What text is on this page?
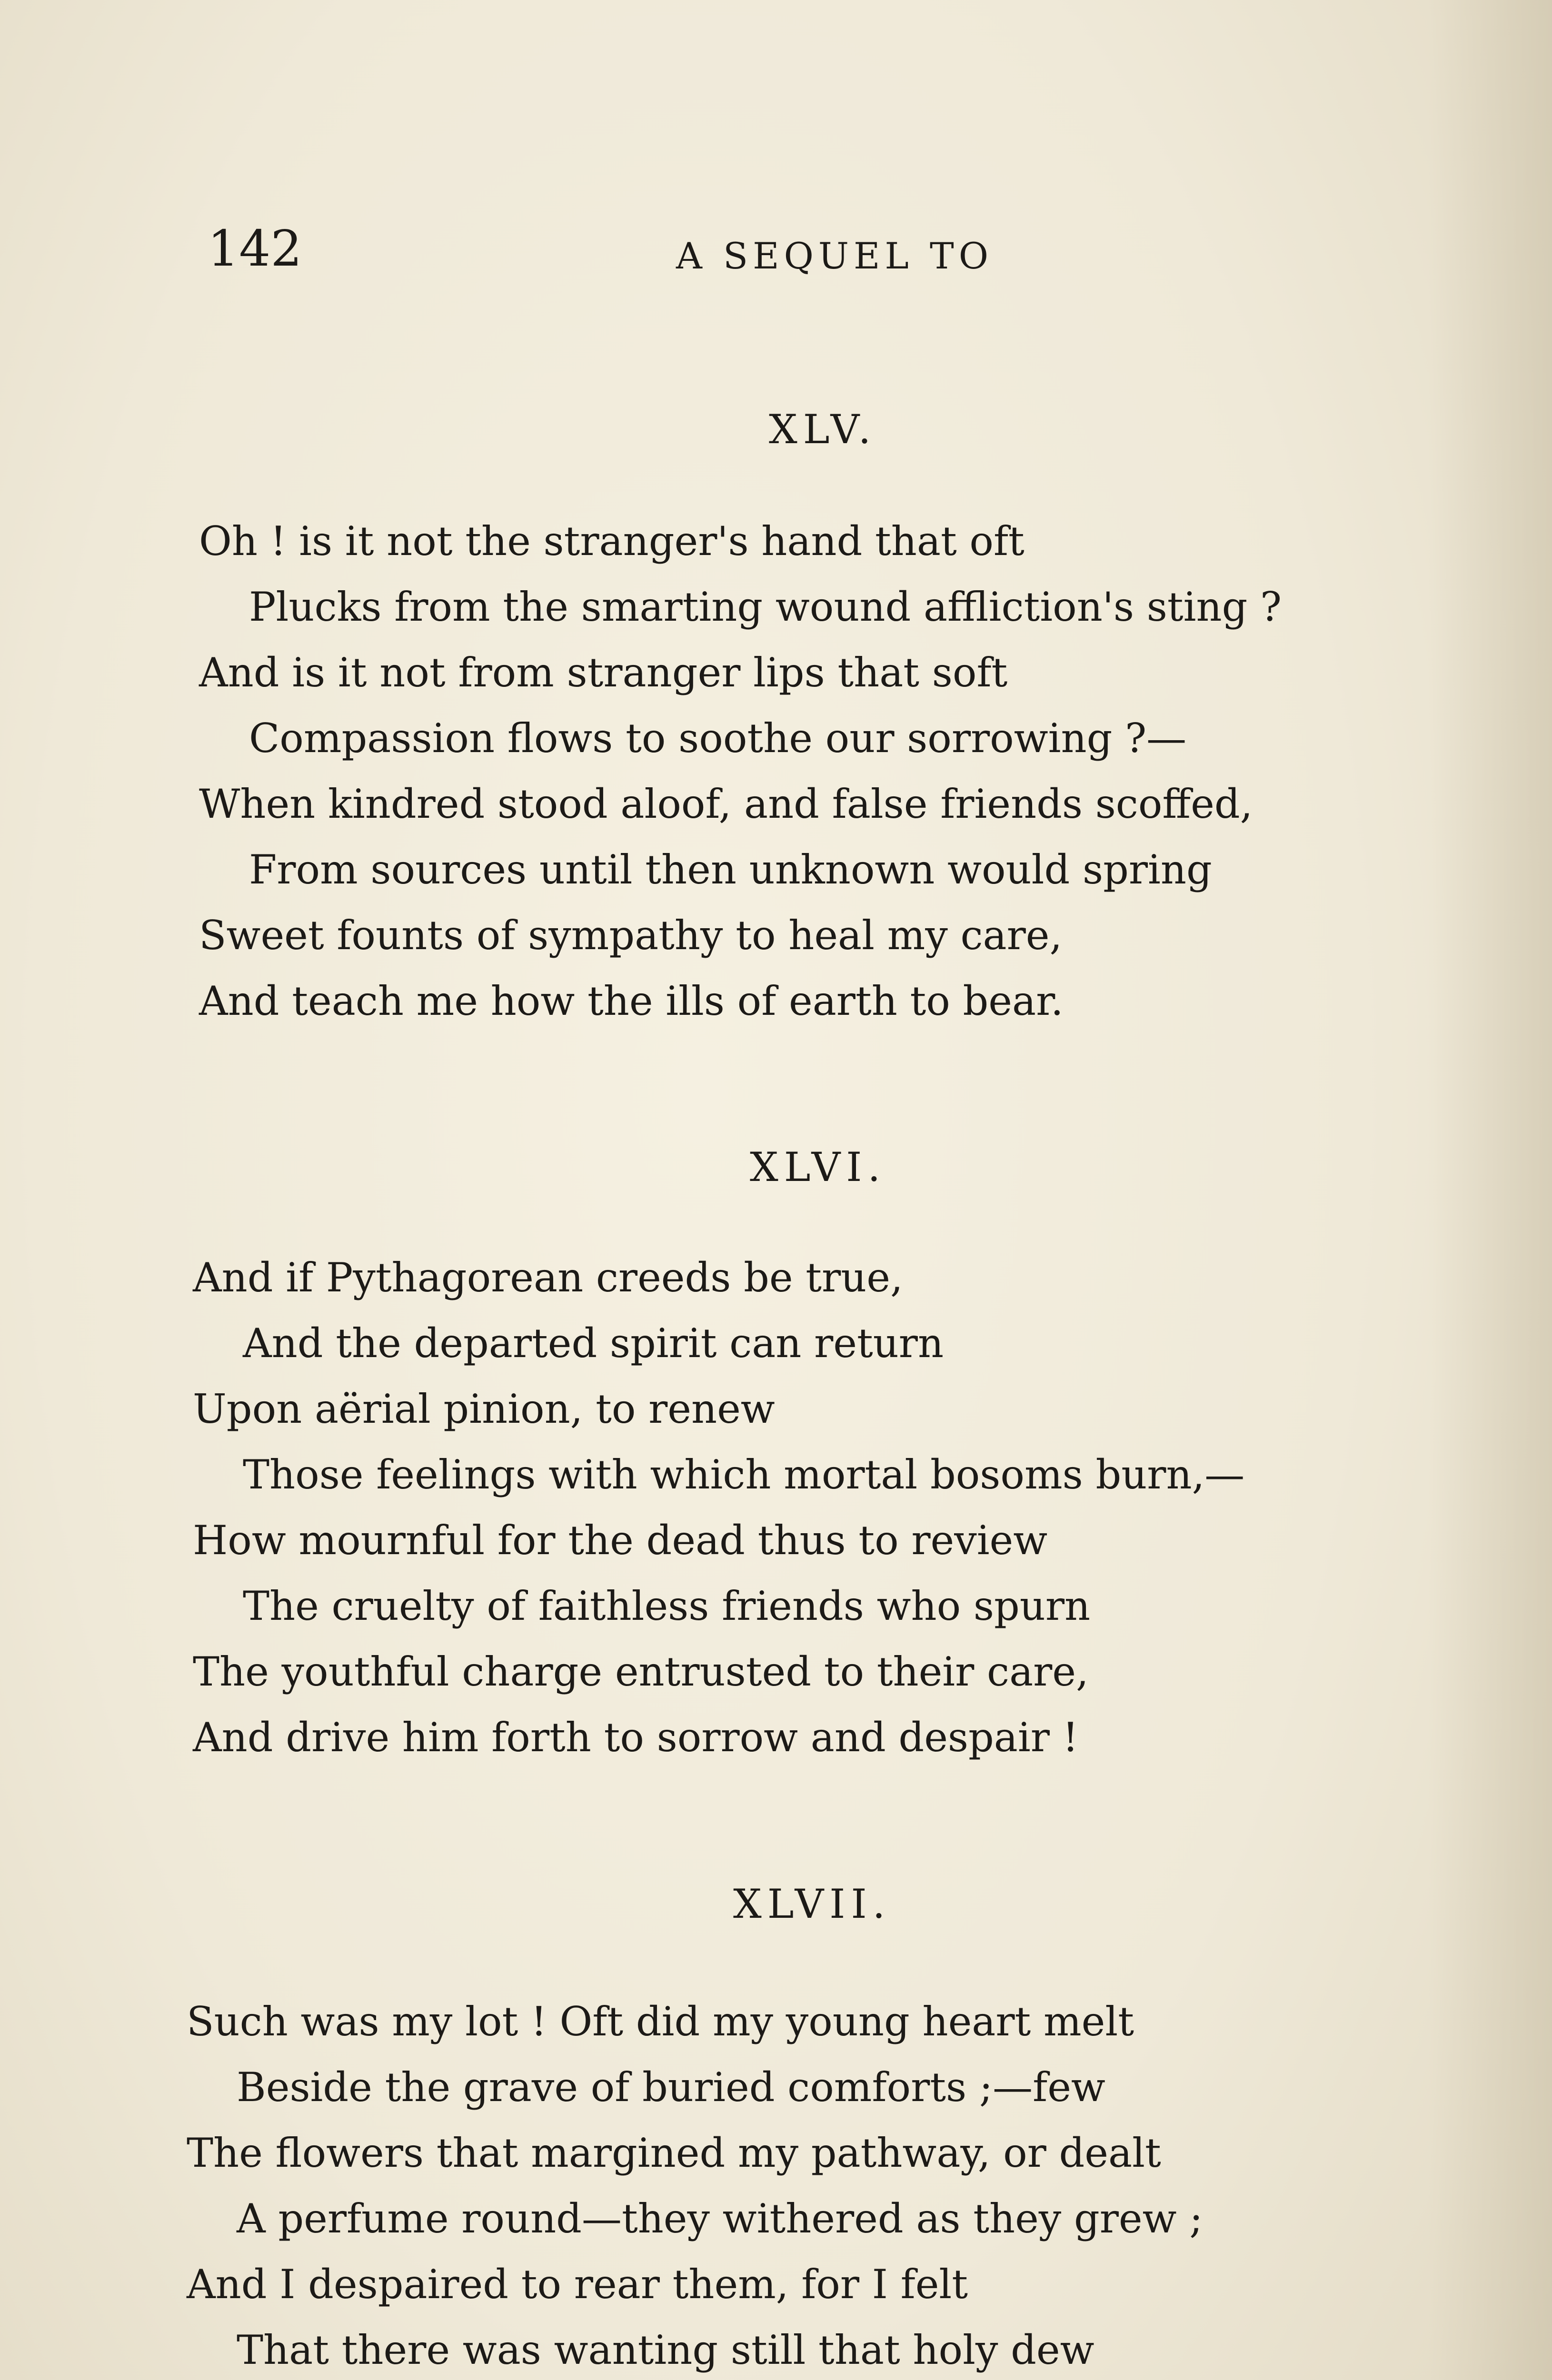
142	A SEQUEL TO
XLV.
Oh ! is it not the stranger's hand that oft
Plucks from the smarting wound affliction's sting ?
And is it not from stranger lips that soft
Compassion flows to soothe our sorrowing ?—
When kindred stood aloof, and false friends scoffed,
From sources until then unknown would spring
Sweet founts of sympathy to heal my care,
And teach me how the ills of earth to bear.
XLVI.
And if Pythagorean creeds be true,
And the departed spirit can return
Upon aërial pinion, to renew
Those feelings with which mortal bosoms burn,—
How mournful for the dead thus to review
The cruelty of faithless friends who spurn
The youthful charge entrusted to their care,
And drive him forth to sorrow and despair !
XLVII.
Such was my lot ! Oft did my young heart melt
Beside the grave of buried comforts ;—few
The flowers that margined my pathway, or dealt
A perfume round—they withered as they grew ;
And I despaired to rear them, for I felt
That there was wanting still that holy dew
